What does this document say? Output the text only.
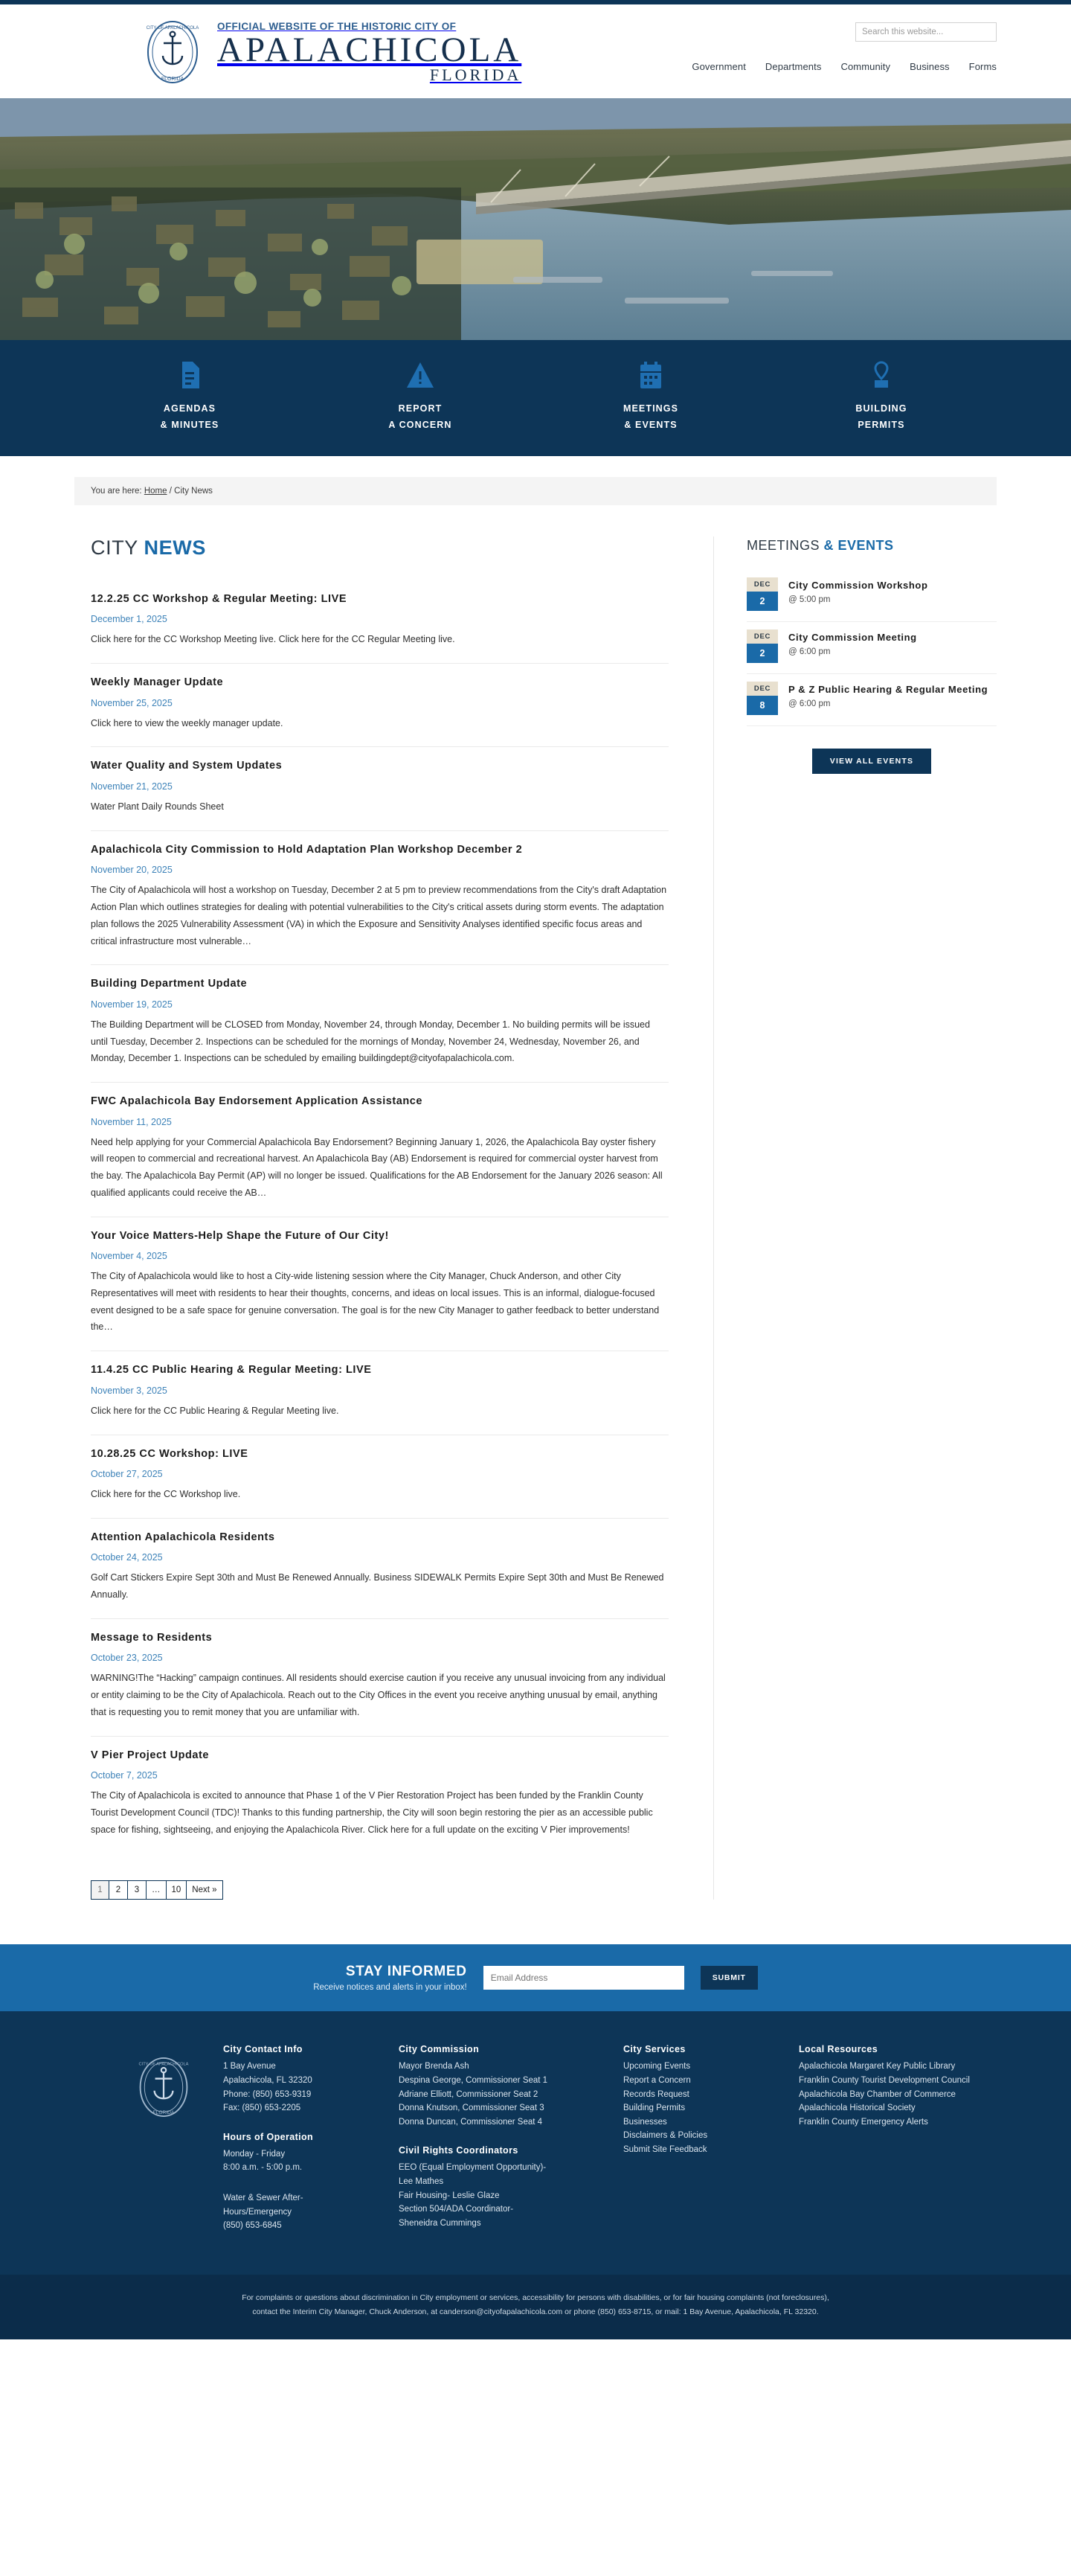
CITY OF APALACHICOLA
FLORIDA
OFFICIAL WEBSITE OF THE HISTORIC CITY OF
APALACHICOLA
FLORIDA
Search this website...	Government Departments Community Business Forms
AGENDAS
& MINUTES
REPORT
A CONCERN
MEETINGS
& EVENTS
BUILDING
PERMITS
You are here: Home / City News
CITY NEWS
12.2.25 CC Workshop & Regular Meeting: LIVE
December 1, 2025

Click here for the CC Workshop Meeting live. Click here for the CC Regular Meeting live.

Weekly Manager Update
November 25, 2025

Click here to view the weekly manager update.

Water Quality and System Updates
November 21, 2025

Water Plant Daily Rounds Sheet

Apalachicola City Commission to Hold Adaptation Plan Workshop December 2
November 20, 2025

The City of Apalachicola will host a workshop on Tuesday, December 2 at 5 pm to preview recommendations from the City's draft Adaptation Action Plan which outlines strategies for dealing with potential vulnerabilities to the City's critical assets during storm events. The adaptation plan follows the 2025 Vulnerability Assessment (VA) in which the Exposure and Sensitivity Analyses identified specific focus areas and critical infrastructure most vulnerable…

Building Department Update
November 19, 2025

The Building Department will be CLOSED from Monday, November 24, through Monday, December 1. No building permits will be issued until Tuesday, December 2. Inspections can be scheduled for the mornings of Monday, November 24, Wednesday, November 26, and Monday, December 1. Inspections can be scheduled by emailing buildingdept@cityofapalachicola.com.

FWC Apalachicola Bay Endorsement Application Assistance
November 11, 2025

Need help applying for your Commercial Apalachicola Bay Endorsement? Beginning January 1, 2026, the Apalachicola Bay oyster fishery will reopen to commercial and recreational harvest. An Apalachicola Bay (AB) Endorsement is required for commercial oyster harvest from the bay. The Apalachicola Bay Permit (AP) will no longer be issued. Qualifications for the AB Endorsement for the January 2026 season: All qualified applicants could receive the AB…

Your Voice Matters-Help Shape the Future of Our City!
November 4, 2025

The City of Apalachicola would like to host a City-wide listening session where the City Manager, Chuck Anderson, and other City Representatives will meet with residents to hear their thoughts, concerns, and ideas on local issues. This is an informal, dialogue-focused event designed to be a safe space for genuine conversation. The goal is for the new City Manager to gather feedback to better understand the…

11.4.25 CC Public Hearing & Regular Meeting: LIVE
November 3, 2025

Click here for the CC Public Hearing & Regular Meeting live.

10.28.25 CC Workshop: LIVE
October 27, 2025

Click here for the CC Workshop live.

Attention Apalachicola Residents
October 24, 2025

Golf Cart Stickers Expire Sept 30th and Must Be Renewed Annually. Business SIDEWALK Permits Expire Sept 30th and Must Be Renewed Annually.

Message to Residents
October 23, 2025

WARNING!The “Hacking” campaign continues. All residents should exercise caution if you receive any unusual invoicing from any individual or entity claiming to be the City of Apalachicola. Reach out to the City Offices in the event you receive anything unusual by email, anything that is requesting you to remit money that you are unfamiliar with.

V Pier Project Update
October 7, 2025

The City of Apalachicola is excited to announce that Phase 1 of the V Pier Restoration Project has been funded by the Franklin County Tourist Development Council (TDC)! Thanks to this funding partnership, the City will soon begin restoring the pier as an accessible public space for fishing, sightseeing, and enjoying the Apalachicola River. Click here for a full update on the exciting V Pier improvements!

1	2	3	…	10	Next »
MEETINGS & EVENTS
DEC
2
City Commission Workshop
@ 5:00 pm
DEC
2
City Commission Meeting
@ 6:00 pm
DEC
8
P & Z Public Hearing & Regular Meeting
@ 6:00 pm
VIEW ALL EVENTS
STAY INFORMED
Receive notices and alerts in your inbox!
Email Address
SUBMIT
CITY OF APALACHICOLA
FLORIDA
City Contact Info
1 Bay Avenue
Apalachicola, FL 32320
Phone: (850) 653-9319
Fax: (850) 653-2205
Hours of Operation
Monday - Friday
8:00 a.m. - 5:00 p.m.
Water & Sewer After-
Hours/Emergency
(850) 653-6845
City Commission
Mayor Brenda Ash
Despina George, Commissioner Seat 1
Adriane Elliott, Commissioner Seat 2
Donna Knutson, Commissioner Seat 3
Donna Duncan, Commissioner Seat 4
Civil Rights Coordinators
EEO (Equal Employment Opportunity)-
Lee Mathes
Fair Housing- Leslie Glaze
Section 504/ADA Coordinator-
Sheneidra Cummings
City Services
Upcoming Events
Report a Concern
Records Request
Building Permits
Businesses
Disclaimers & Policies
Submit Site Feedback
Local Resources
Apalachicola Margaret Key Public Library
Franklin County Tourist Development Council
Apalachicola Bay Chamber of Commerce
Apalachicola Historical Society
Franklin County Emergency Alerts

For complaints or questions about discrimination in City employment or services, accessibility for persons with disabilities, or for fair housing complaints (not foreclosures),
contact the Interim City Manager, Chuck Anderson, at canderson@cityofapalachicola.com or phone (850) 653-8715, or mail: 1 Bay Avenue, Apalachicola, FL 32320.
